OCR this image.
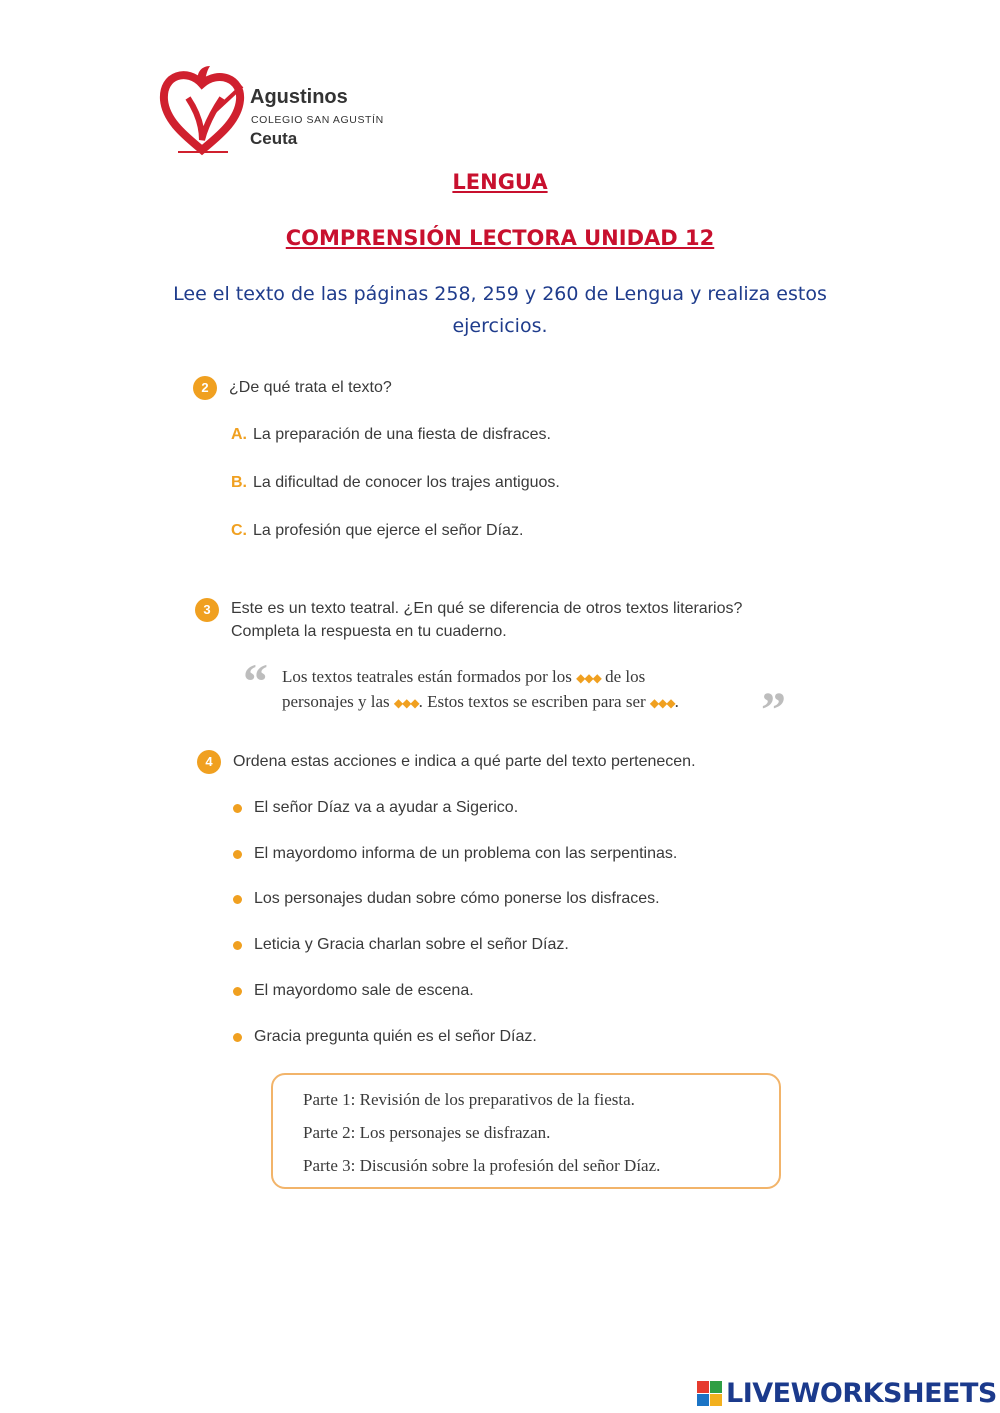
Agustinos
COLEGIO SAN AGUSTÍN
Ceuta
LENGUA
COMPRENSIÓN LECTORA UNIDAD 12
Lee el texto de las páginas 258, 259 y 260 de Lengua y realiza estos ejercicios.
2	¿De qué trata el texto?
A. La preparación de una fiesta de disfraces.
B. La dificultad de conocer los trajes antiguos.
C. La profesión que ejerce el señor Díaz.
3	Este es un texto teatral. ¿En qué se diferencia de otros textos literarios?
Completa la respuesta en tu cuaderno.
“ Los textos teatrales están formados por los ◆◆◆ de los
personajes y las ◆◆◆. Estos textos se escriben para ser ◆◆◆.	”
4	Ordena estas acciones e indica a qué parte del texto pertenecen.
El señor Díaz va a ayudar a Sigerico.
El mayordomo informa de un problema con las serpentinas.
Los personajes dudan sobre cómo ponerse los disfraces.
Leticia y Gracia charlan sobre el señor Díaz.
El mayordomo sale de escena.
Gracia pregunta quién es el señor Díaz.
Parte 1: Revisión de los preparativos de la fiesta.
Parte 2: Los personajes se disfrazan.
Parte 3: Discusión sobre la profesión del señor Díaz.
LIVEWORKSHEETS
